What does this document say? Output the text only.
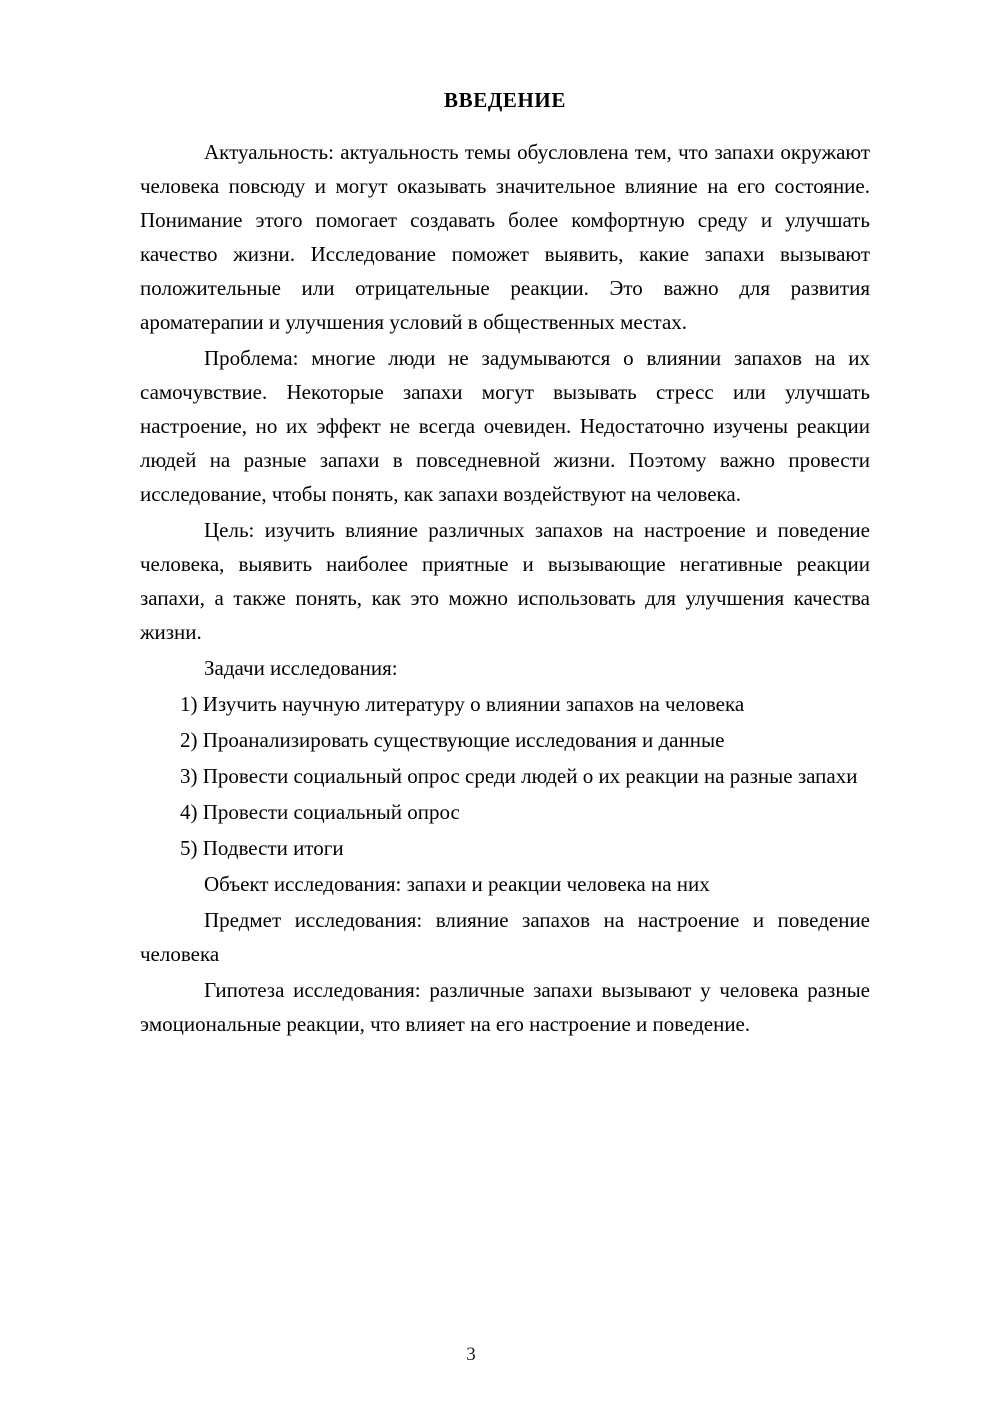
ВВЕДЕНИЕ

Актуальность: актуальность темы обусловлена тем, что запахи окружают человека повсюду и могут оказывать значительное влияние на его состояние. Понимание этого помогает создавать более комфортную среду и улучшать качество жизни. Исследование поможет выявить, какие запахи вызывают положительные или отрицательные реакции. Это важно для развития ароматерапии и улучшения условий в общественных местах.

Проблема: многие люди не задумываются о влиянии запахов на их самочувствие. Некоторые запахи могут вызывать стресс или улучшать настроение, но их эффект не всегда очевиден. Недостаточно изучены реакции людей на разные запахи в повседневной жизни. Поэтому важно провести исследование, чтобы понять, как запахи воздействуют на человека.

Цель: изучить влияние различных запахов на настроение и поведение человека, выявить наиболее приятные и вызывающие негативные реакции запахи, а также понять, как это можно использовать для улучшения качества жизни.

Задачи исследования:

1) Изучить научную литературу о влиянии запахов на человека

2) Проанализировать существующие исследования и данные

3) Провести социальный опрос среди людей о их реакции на разные запахи

4) Провести социальный опрос

5) Подвести итоги

Объект исследования: запахи и реакции человека на них

Предмет исследования: влияние запахов на настроение и поведение человека

Гипотеза исследования: различные запахи вызывают у человека разные эмоциональные реакции, что влияет на его настроение и поведение.

3
